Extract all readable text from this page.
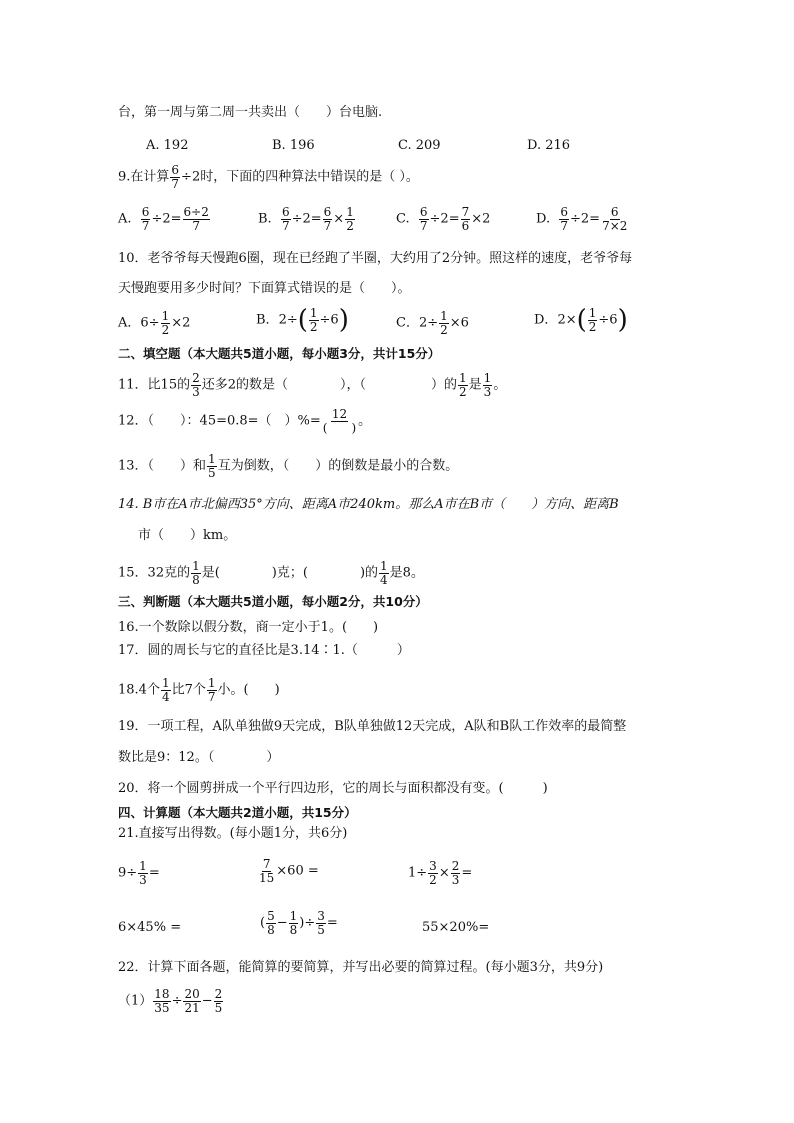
台，第一周与第二周一共卖出（　　）台电脑.
A. 192	B. 196	C. 209	D. 216
9.在计算 $\frac{6}{7} \div 2$时，下面的四种算法中错误的是（ ）。
A. $\frac{6}{7} \div 2= \frac{6\div 2}{7}$	B. $\frac{6}{7} \div 2= \frac{6}{7} \times \frac{1}{2}$	C. $\frac{6}{7} \div 2= \frac{7}{6} \times 2$	D. $\frac{6}{7} \div 2= \frac{6}{7\times 2}$
10．老爷爷每天慢跑6圈，现在已经跑了半圈，大约用了2分钟。照这样的速度，老爷爷每
天慢跑要用多少时间？下面算式错误的是（　　）。
A．$6\div \frac{1}{2} \times 2$	B．$2\div( \frac{1}{2} \div 6)$	C．$2\div \frac{1}{2} \times 6$	D．$2\times( \frac{1}{2} \div 6)$
二、填空题（本大题共5道小题，每小题3分，共计15分）
11．比15的 $\frac{2}{3}$ 还多2的数是（　　　　），（　　　　　）的 $\frac{1}{2}$ 是 $\frac{1}{3}$ 。
12．（　　）：45=0.8=（　）%= $\frac{12}{( )}$ 。
13．（　　）和 $\frac{1}{5}$ 互为倒数，（　　）的倒数是最小的合数。
14. B市在A市北偏西35°方向、距离A市240km。那么A市在B市（　　）方向、距离B
市（　　）km。
15．32克的 $\frac{1}{8}$ 是(　　　　)克；(　　　　)的 $\frac{1}{4}$ 是8。
三、判断题（本大题共5道小题，每小题2分，共10分）
16.一个数除以假分数，商一定小于1。(　　)
17．圆的周长与它的直径比是3.14∶1.（　　　）
18.4个 $\frac{1}{4}$ 比7个 $\frac{1}{7}$ 小。(　　)
19．一项工程，A队单独做9天完成，B队单独做12天完成，A队和B队工作效率的最简整
数比是9：12。（　　　　）
20．将一个圆剪拼成一个平行四边形，它的周长与面积都没有变。(　　　)
四、计算题（本大题共2道小题，共15分）
21.直接写出得数。(每小题1分，共6分)
$9\div \frac{1}{3}$ =	$\frac{7}{15} \times 60$ =	$1\div \frac{3}{2} \times \frac{2}{3}$ =
6×45% =	( $\frac{5}{8} - \frac{1}{8}$ )÷ $\frac{3}{5}$ =	55×20%=
22．计算下面各题，能简算的要简算，并写出必要的简算过程。(每小题3分，共9分)
$(1) \frac{18}{35} \div \frac{20}{21} - \frac{2}{5}$
